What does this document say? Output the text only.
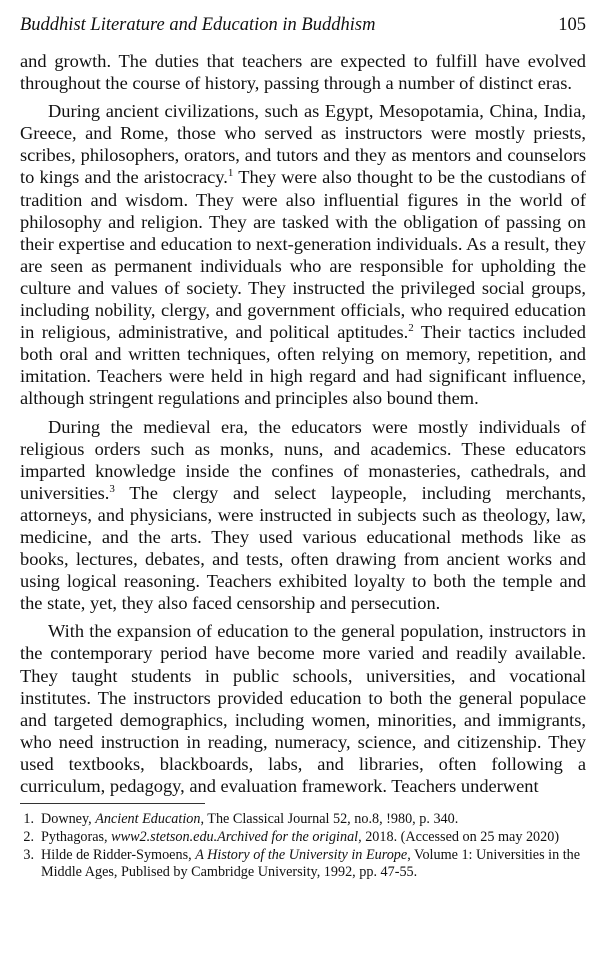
Buddhist Literature and Education in Buddhism	105

and growth. The duties that teachers are expected to fulfill have evolved throughout the course of history, passing through a number of distinct eras.

During ancient civilizations, such as Egypt, Mesopotamia, China, India, Greece, and Rome, those who served as instructors were mostly priests, scribes, philosophers, orators, and tutors and they as mentors and counselors to kings and the aristocracy.$^1$ They were also thought to be the custodians of tradition and wisdom. They were also influential figures in the world of philosophy and religion. They are tasked with the obligation of passing on their expertise and education to next-generation individuals. As a result, they are seen as permanent individuals who are responsible for upholding the culture and values of society. They instructed the privileged social groups, including nobility, clergy, and government officials, who required education in religious, administrative, and political aptitudes.$^2$ Their tactics included both oral and written techniques, often relying on memory, repetition, and imitation. Teachers were held in high regard and had significant influence, although stringent regulations and principles also bound them.

During the medieval era, the educators were mostly individuals of religious orders such as monks, nuns, and academics. These educators imparted knowledge inside the confines of monasteries, cathedrals, and universities.$^3$ The clergy and select laypeople, including merchants, attorneys, and physicians, were instructed in subjects such as theology, law, medicine, and the arts. They used various educational methods like as books, lectures, debates, and tests, often drawing from ancient works and using logical reasoning. Teachers exhibited loyalty to both the temple and the state, yet, they also faced censorship and persecution.

With the expansion of education to the general population, instructors in the contemporary period have become more varied and readily available. They taught students in public schools, universities, and vocational institutes. The instructors provided education to both the general populace and targeted demographics, including women, minorities, and immigrants, who need instruction in reading, numeracy, science, and citizenship. They used textbooks, blackboards, labs, and libraries, often following a curriculum, pedagogy, and evaluation framework. Teachers underwent

1. Downey, Ancient Education, The Classical Journal 52, no.8, !980, p. 340.
2. Pythagoras, www2.stetson.edu.Archived for the original, 2018. (Accessed on 25 may 2020)
3. Hilde de Ridder-Symoens, A History of the University in Europe, Volume 1: Universities in the Middle Ages, Publised by Cambridge University, 1992, pp. 47-55.
